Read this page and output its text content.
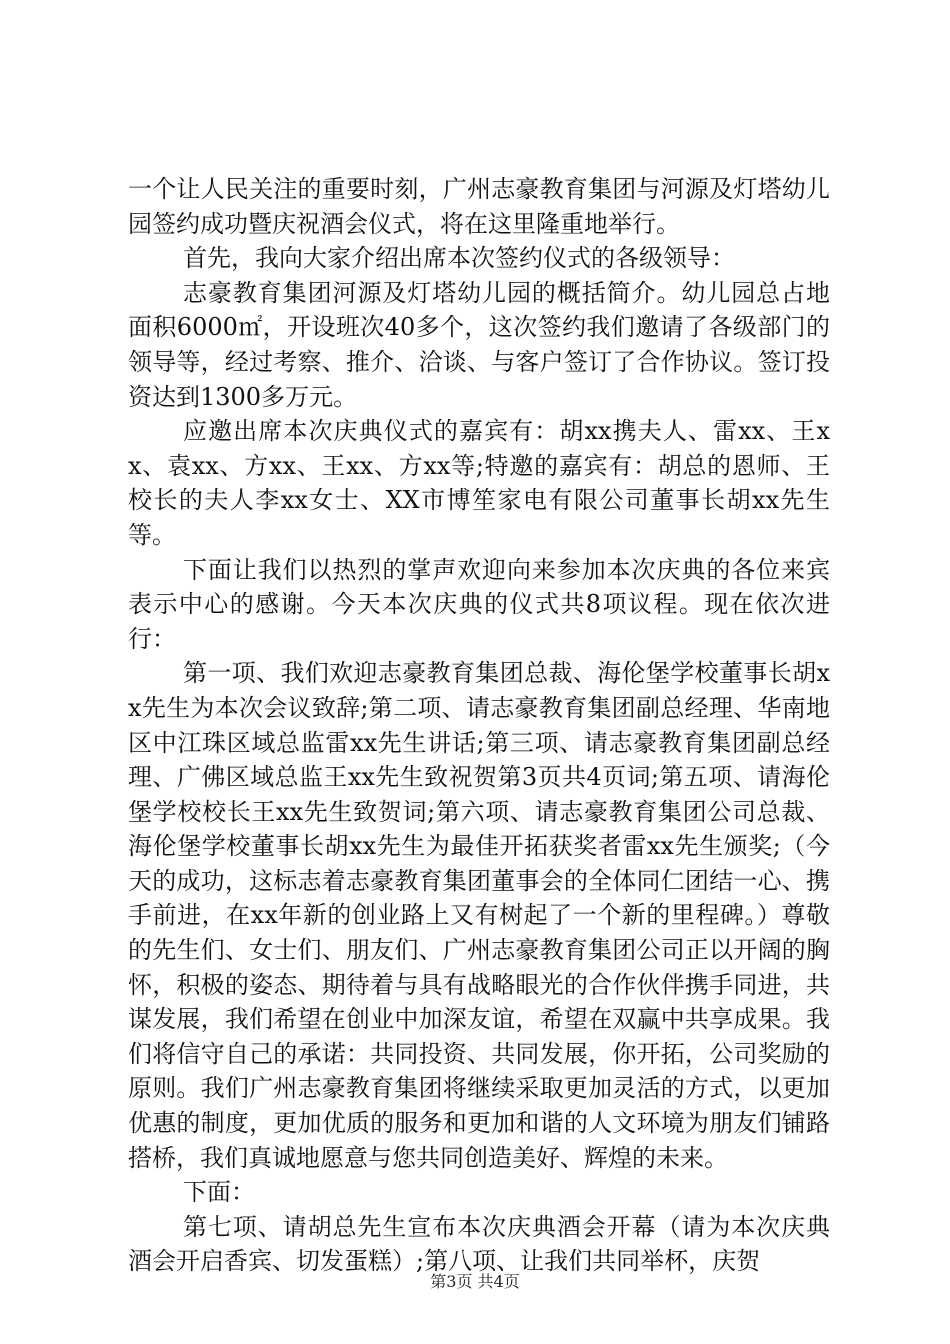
一个让人民关注的重要时刻，广州志豪教育集团与河源及灯塔幼儿园签约成功暨庆祝酒会仪式，将在这里隆重地举行。

首先，我向大家介绍出席本次签约仪式的各级领导：

志豪教育集团河源及灯塔幼儿园的概括简介。幼儿园总占地面积6000㎡，开设班次40多个，这次签约我们邀请了各级部门的领导等，经过考察、推介、洽谈、与客户签订了合作协议。签订投资达到1300多万元。

应邀出席本次庆典仪式的嘉宾有：胡xx携夫人、雷xx、王xx、袁xx、方xx、王xx、方xx等;特邀的嘉宾有：胡总的恩师、王校长的夫人李xx女士、XX市博笙家电有限公司董事长胡xx先生等。

下面让我们以热烈的掌声欢迎向来参加本次庆典的各位来宾表示中心的感谢。今天本次庆典的仪式共8项议程。现在依次进行：

第一项、我们欢迎志豪教育集团总裁、海伦堡学校董事长胡xx先生为本次会议致辞;第二项、请志豪教育集团副总经理、华南地区中江珠区域总监雷xx先生讲话;第三项、请志豪教育集团副总经理、广佛区域总监王xx先生致祝贺第3页共4页词;第五项、请海伦堡学校校长王xx先生致贺词;第六项、请志豪教育集团公司总裁、海伦堡学校董事长胡xx先生为最佳开拓获奖者雷xx先生颁奖;（今天的成功，这标志着志豪教育集团董事会的全体同仁团结一心、携手前进，在xx年新的创业路上又有树起了一个新的里程碑。）尊敬的先生们、女士们、朋友们、广州志豪教育集团公司正以开阔的胸怀，积极的姿态、期待着与具有战略眼光的合作伙伴携手同进，共谋发展，我们希望在创业中加深友谊，希望在双赢中共享成果。我们将信守自己的承诺：共同投资、共同发展，你开拓，公司奖励的原则。我们广州志豪教育集团将继续采取更加灵活的方式，以更加优惠的制度，更加优质的服务和更加和谐的人文环境为朋友们铺路搭桥，我们真诚地愿意与您共同创造美好、辉煌的未来。

下面：

第七项、请胡总先生宣布本次庆典酒会开幕（请为本次庆典酒会开启香宾、切发蛋糕）;第八项、让我们共同举杯，庆贺

第3页 共4页
